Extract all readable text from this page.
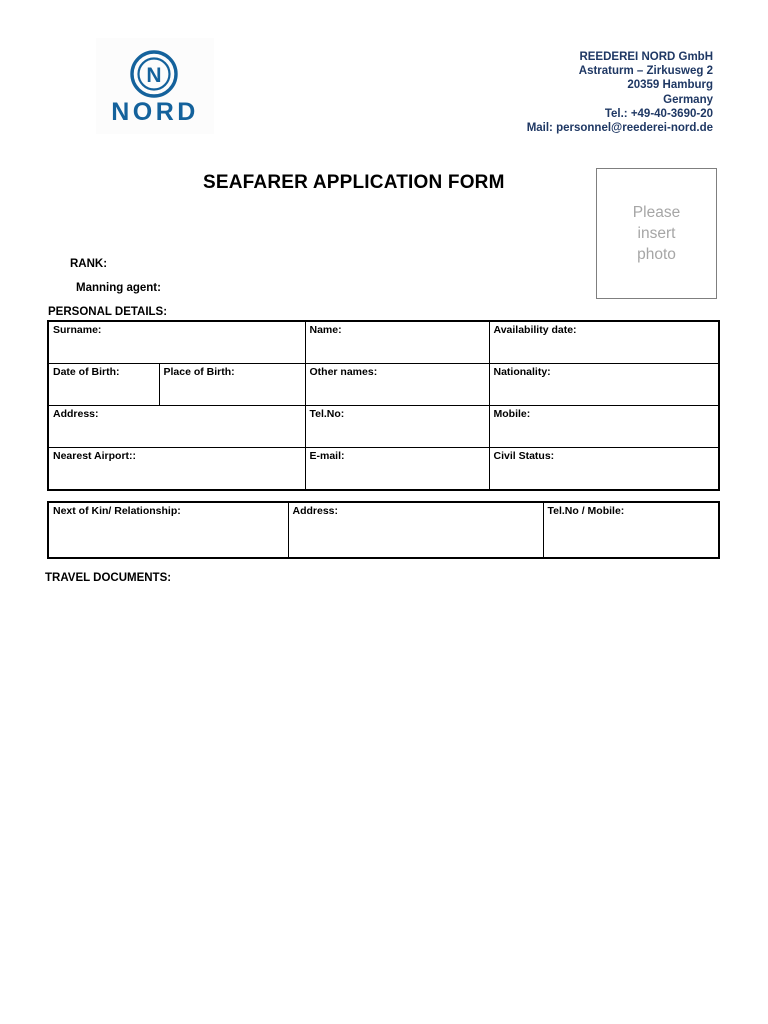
N
NORD
REEDEREI NORD GmbH
Astraturm – Zirkusweg 2
20359 Hamburg
Germany
Tel.: +49-40-3690-20
Mail: personnel@reederei-nord.de
SEAFARER APPLICATION FORM
Please
insert
photo
RANK:
Manning agent:
PERSONAL DETAILS:
TRAVEL DOCUMENTS:
Surname:		Name:	Availability date:
Date of Birth:	Place of Birth:	Other names:	Nationality:
Address:		Tel.No:	Mobile:
Nearest Airport::		E-mail:	Civil Status:
Next of Kin/ Relationship:	Address:	Tel.No / Mobile:
